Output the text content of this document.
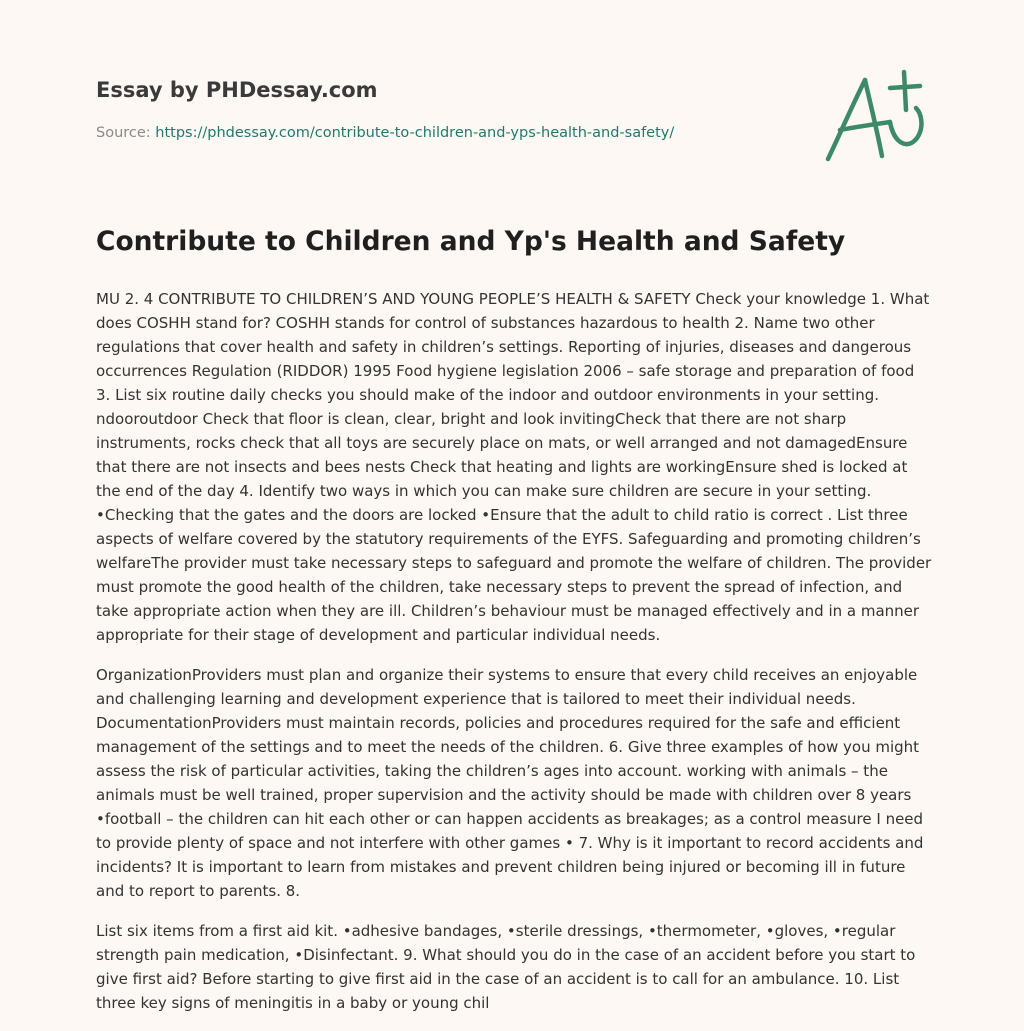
Essay by PHDessay.com
Source: https://phdessay.com/contribute-to-children-and-yps-health-and-safety/
Contribute to Children and Yp's Health and Safety

MU 2. 4 CONTRIBUTE TO CHILDREN’S AND YOUNG PEOPLE’S HEALTH & SAFETY Check your knowledge 1. What does COSHH stand for? COSHH stands for control of substances hazardous to health 2. Name two other regulations that cover health and safety in children’s settings. Reporting of injuries, diseases and dangerous occurrences Regulation (RIDDOR) 1995 Food hygiene legislation 2006 – safe storage and preparation of food 3. List six routine daily checks you should make of the indoor and outdoor environments in your setting. ndooroutdoor Check that floor is clean, clear, bright and look invitingCheck that there are not sharp instruments, rocks check that all toys are securely place on mats, or well arranged and not damagedEnsure that there are not insects and bees nests Check that heating and lights are workingEnsure shed is locked at the end of the day 4. Identify two ways in which you can make sure children are secure in your setting. •Checking that the gates and the doors are locked •Ensure that the adult to child ratio is correct . List three aspects of welfare covered by the statutory requirements of the EYFS. Safeguarding and promoting children’s welfareThe provider must take necessary steps to safeguard and promote the welfare of children. The provider must promote the good health of the children, take necessary steps to prevent the spread of infection, and take appropriate action when they are ill. Children’s behaviour must be managed effectively and in a manner appropriate for their stage of development and particular individual needs.

OrganizationProviders must plan and organize their systems to ensure that every child receives an enjoyable and challenging learning and development experience that is tailored to meet their individual needs. DocumentationProviders must maintain records, policies and procedures required for the safe and efficient management of the settings and to meet the needs of the children. 6. Give three examples of how you might assess the risk of particular activities, taking the children’s ages into account. working with animals – the animals must be well trained, proper supervision and the activity should be made with children over 8 years •football – the children can hit each other or can happen accidents as breakages; as a control measure I need to provide plenty of space and not interfere with other games • 7. Why is it important to record accidents and incidents? It is important to learn from mistakes and prevent children being injured or becoming ill in future and to report to parents. 8.

List six items from a first aid kit. •adhesive bandages, •sterile dressings, •thermometer, •gloves, •regular strength pain medication, •Disinfectant. 9. What should you do in the case of an accident before you start to give first aid? Before starting to give first aid in the case of an accident is to call for an ambulance. 10. List three key signs of meningitis in a baby or young chil
